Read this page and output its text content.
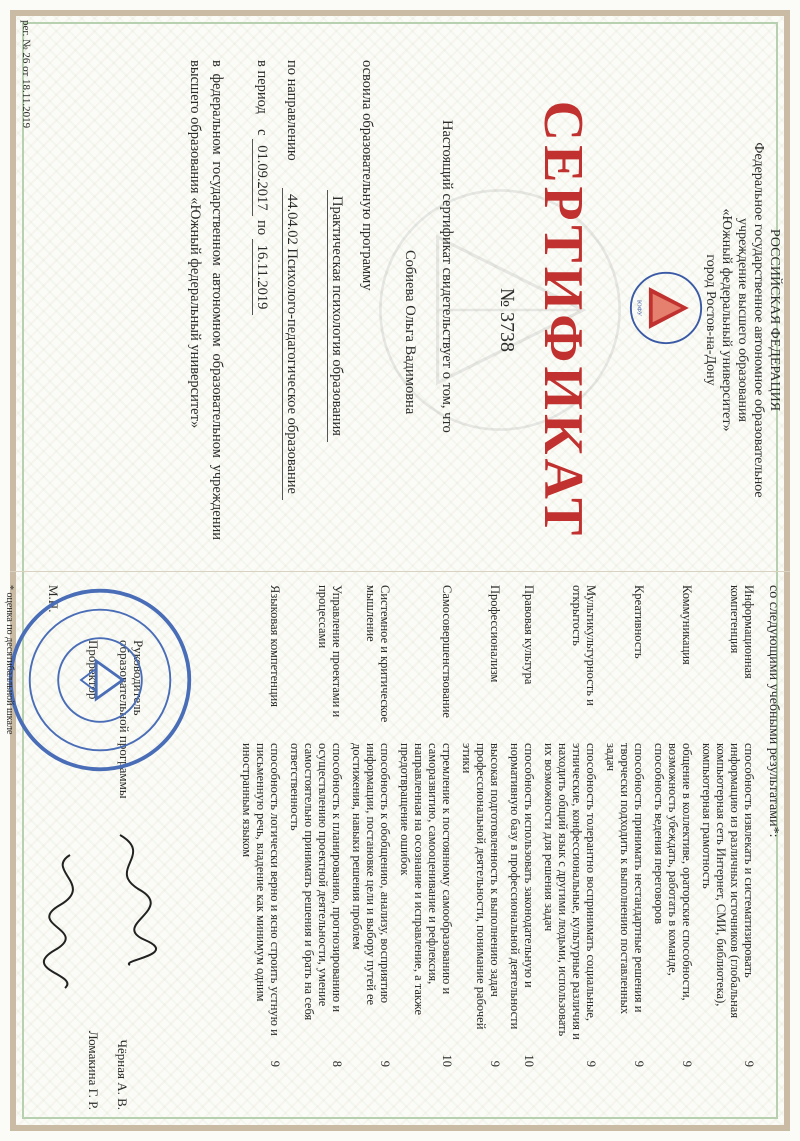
РОССИЙСКАЯ ФЕДЕРАЦИЯ
Федеральное государственное автономное образовательное учреждение высшего образования
«Южный федеральный университет»
город Ростов-на-Дону
ЮФУ
СЕРТИФИКАТ
№ 3738
Настоящий сертификат свидетельствует о том, что
Собиева Ольга Вадимовна
освоила образовательную программу
Практическая психология образования
по направлению  44.04.02 Психолого-педагогическое образование
в период  с 01.09.2017 по 16.11.2019
в
федеральном
государственном
автономном
образовательном
учреждении
высшего образования «Южный федеральный университет»
рег. № 26 от 18.11.2019
со следующими учебными результатами*:
Информационная компетенция
способность извлекать и систематизировать информацию из различных источников (глобальная компьютерная сеть Интернет, СМИ, библиотека), компьютерная грамотность
9
Коммуникация
общение в коллективе, ораторские способности, возможность убеждать, работать в команде, способность ведения переговоров
9
Креативность
способность принимать нестандартные решения и творчески подходить к выполнению поставленных задач
9
Мультикультурность и открытость
способность толерантно воспринимать социальные, этнические, конфессиональные, культурные различия и находить общий язык с другими людьми, использовать их возможности для решения задач
9
Правовая культура
способность использовать законодательную и нормативную базу в профессиональной деятельности
10
Профессионализм
высокая подготовленность к выполнению задач профессиональной деятельности, понимание рабочей этики
9
Самосовершенствование
стремление к постоянному самообразованию и саморазвитию, самооценивание и рефлексия, направленная на осознание и исправление, а также предотвращение ошибок
10
Системное и критическое мышление
способность к обобщению, анализу, восприятию информации, постановке цели и выбору путей ее достижения, навыки решения проблем
9
Управление проектами и процессами
способность к планированию, прогнозированию и осуществлению проектной деятельности, умение самостоятельно принимать решения и брать на себя ответственность
8
Языковая компетенция
способность логически верно и ясно строить устную и письменную речь, владение как минимум одним иностранным языком
9
Руководитель
образовательной программы
Чёрная А. В.
Проректор
Ломакина Г. Р.
М.П.
* оценка по десятибалльной шкале
